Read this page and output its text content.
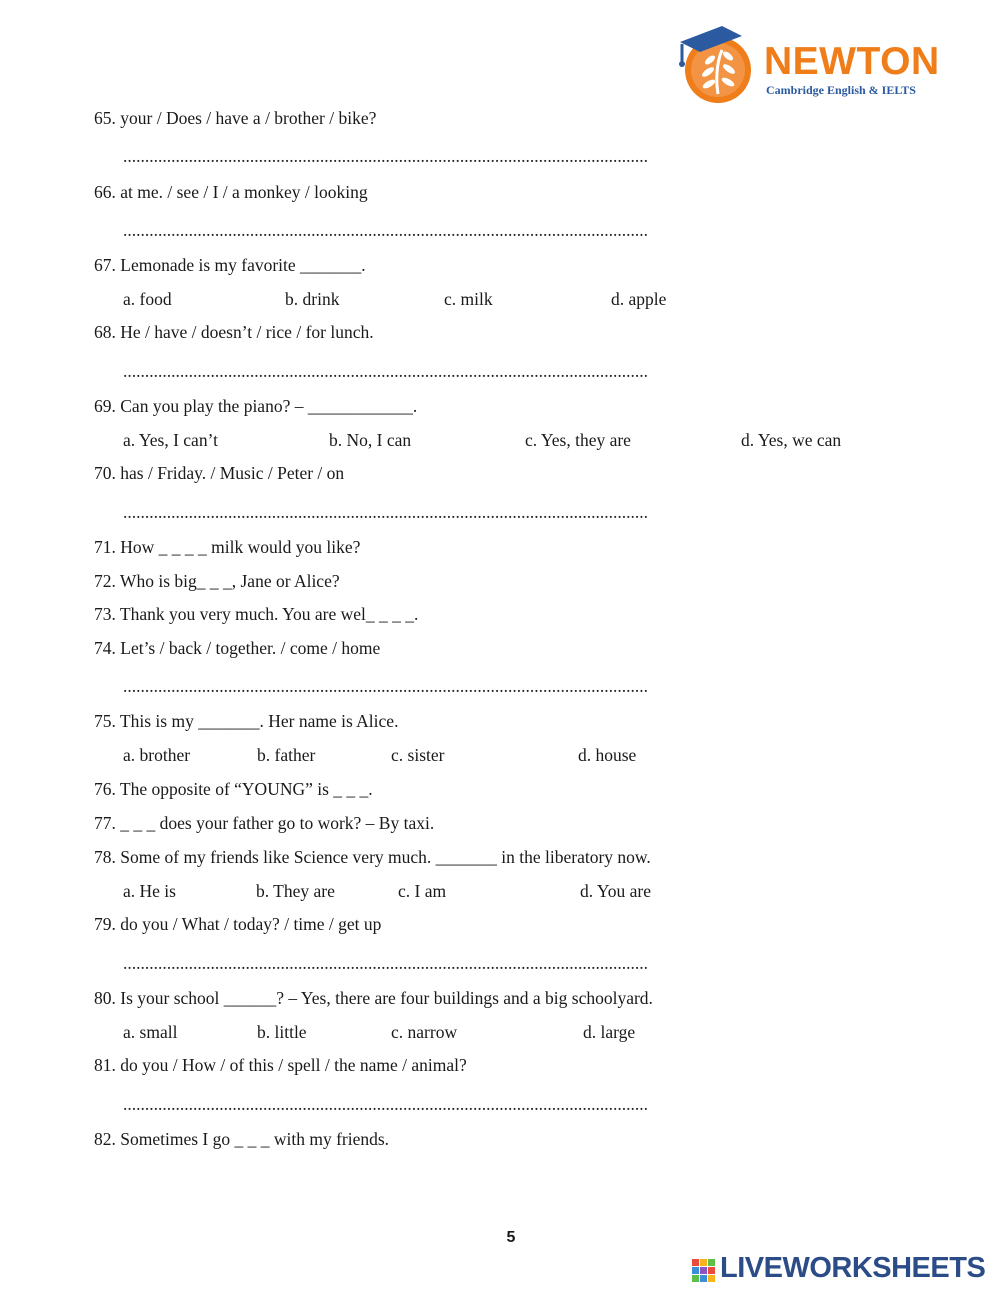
NEWTON
Cambridge English & IELTS
65. your / Does / have a / brother / bike?
........................................................................................................................
66. at me. / see / I / a monkey / looking
........................................................................................................................
67. Lemonade is my favorite _______.
a. food	b. drink	c. milk	d. apple
68. He / have / doesn’t / rice / for lunch.
........................................................................................................................
69. Can you play the piano? – ____________.
a. Yes, I can’t	b. No, I can	c. Yes, they are	d. Yes, we can
70. has / Friday. / Music / Peter / on
........................................................................................................................
71. How _ _ _ _ milk would you like?
72. Who is big_ _ _, Jane or Alice?
73. Thank you very much. You are wel_ _ _ _.
74. Let’s / back / together. / come / home
........................................................................................................................
75. This is my _______. Her name is Alice.
a. brother	b. father	c. sister	d. house
76. The opposite of “YOUNG” is _ _ _.
77. _ _ _ does your father go to work? – By taxi.
78. Some of my friends like Science very much. _______ in the liberatory now.
a. He is	b. They are	c. I am	d. You are
79. do you / What / today? / time / get up
........................................................................................................................
80. Is your school ______? – Yes, there are four buildings and a big schoolyard.
a. small	b. little	c. narrow	d. large
81. do you / How / of this / spell / the name / animal?
........................................................................................................................
82. Sometimes I go _ _ _ with my friends.
5
LIVEWORKSHEETS
